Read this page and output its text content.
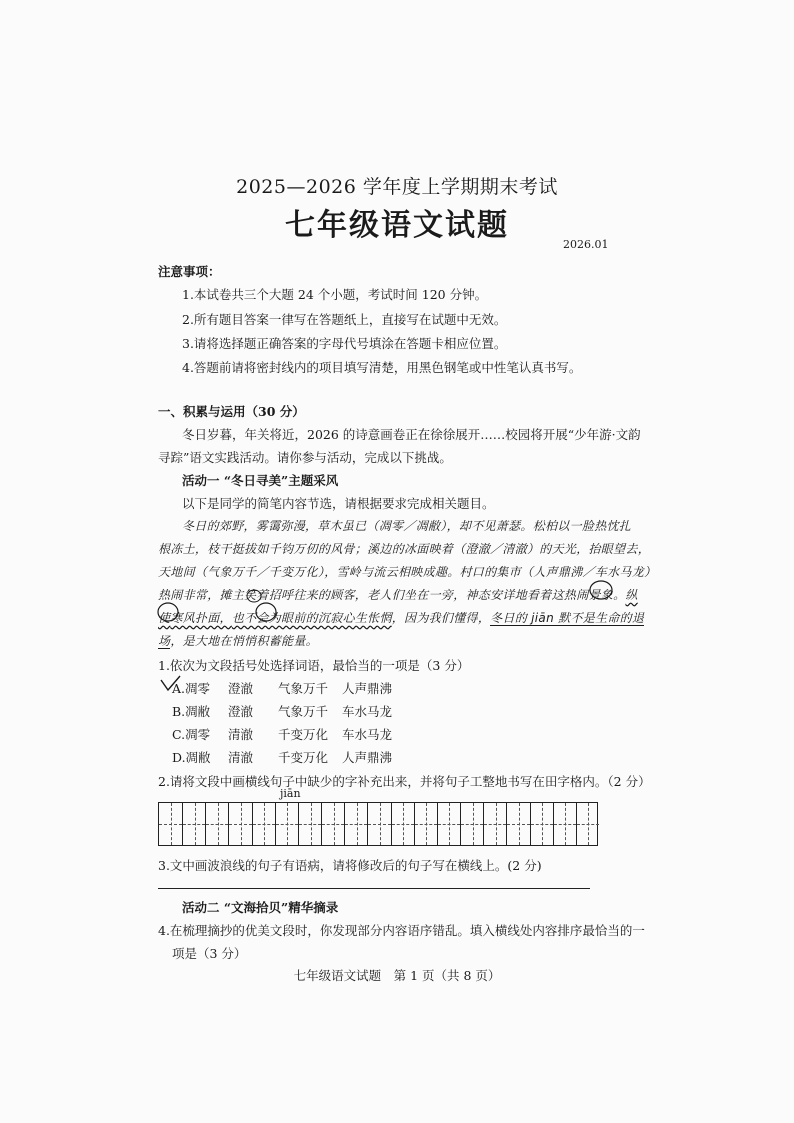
2025—2026 学年度上学期期末考试
七年级语文试题
2026.01
注意事项：
1.本试卷共三个大题 24 个小题，考试时间 120 分钟。
2.所有题目答案一律写在答题纸上，直接写在试题中无效。
3.请将选择题正确答案的字母代号填涂在答题卡相应位置。
4.答题前请将密封线内的项目填写清楚，用黑色钢笔或中性笔认真书写。
一、积累与运用（30 分）
冬日岁暮，年关将近，2026 的诗意画卷正在徐徐展开……校园将开展“少年游·文韵
寻踪”语文实践活动。请你参与活动，完成以下挑战。
活动一 “冬日寻美”主题采风
以下是同学的简笔内容节选，请根据要求完成相关题目。
冬日的郊野，雾霭弥漫，草木虽已（凋零／凋敝），却不见萧瑟。松柏以一脸热忱扎
根冻土，枝干挺拔如千钧万仞的风骨；溪边的冰面映着（澄澈／清澈）的天光，抬眼望去，
天地间（气象万千／千变万化），雪岭与流云相映成趣。村口的集市（人声鼎沸／车水马龙）
热闹非常，摊主笑着招呼往来的顾客，老人们坐在一旁，神态安详地看着这热闹景象。纵
使寒风扑面，也不会为眼前的沉寂心生怅惘，因为我们懂得，冬日的 jiān 默不是生命的退
场，是大地在悄悄积蓄能量。
1.依次为文段括号处选择词语，最恰当的一项是（3 分）
A.凋零 澄澈 气象万千 人声鼎沸
B.凋敝 澄澈 气象万千 车水马龙
C.凋零 清澈 千变万化 车水马龙
D.凋敝 清澈 千变万化 人声鼎沸
2.请将文段中画横线句子中缺少的字补充出来，并将句子工整地书写在田字格内。（2 分）
jiān
3.文中画波浪线的句子有语病，请将修改后的句子写在横线上。(2 分)
活动二 “文海拾贝”精华摘录
4.在梳理摘抄的优美文段时，你发现部分内容语序错乱。填入横线处内容排序最恰当的一
项是（3 分）
七年级语文试题　第 1 页（共 8 页）
